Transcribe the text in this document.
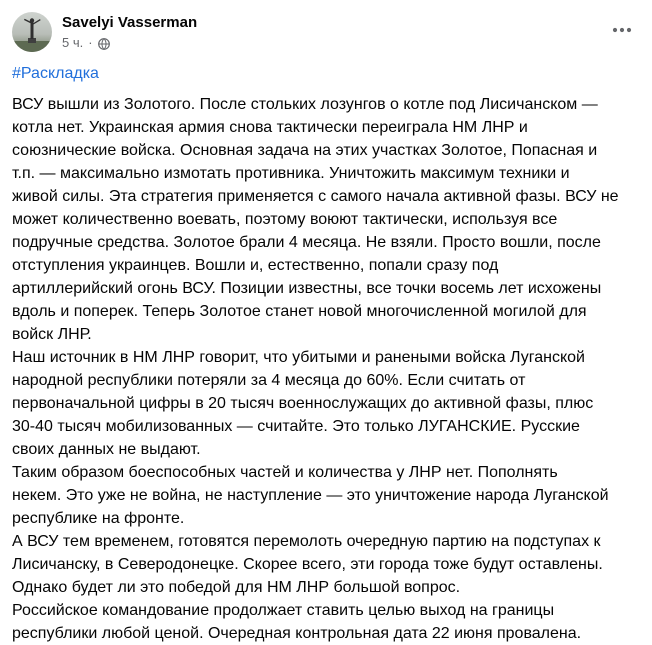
Savelyi Vasserman
5 ч. ·
#Раскладка

ВСУ вышли из Золотого. После стольких лозунгов о котле под Лисичанском —

котла нет. Украинская армия снова тактически переиграла НМ ЛНР и

союзнические войска. Основная задача на этих участках Золотое, Попасная и

т.п. — максимально измотать противника. Уничтожить максимум техники и

живой силы. Эта стратегия применяется с самого начала активной фазы. ВСУ не

может количественно воевать, поэтому воюют тактически, используя все

подручные средства. Золотое брали 4 месяца. Не взяли. Просто вошли, после

отступления украинцев. Вошли и, естественно, попали сразу под

артиллерийский огонь ВСУ. Позиции известны, все точки восемь лет исхожены

вдоль и поперек. Теперь Золотое станет новой многочисленной могилой для

войск ЛНР.

Наш источник в НМ ЛНР говорит, что убитыми и ранеными войска Луганской

народной республики потеряли за 4 месяца до 60%. Если считать от

первоначальной цифры в 20 тысяч военнослужащих до активной фазы, плюс

30-40 тысяч мобилизованных — считайте. Это только ЛУГАНСКИЕ. Русские

своих данных не выдают.

Таким образом боеспособных частей и количества у ЛНР нет. Пополнять

некем. Это уже не война, не наступление — это уничтожение народа Луганской

республике на фронте.

А ВСУ тем временем, готовятся перемолоть очередную партию на подступах к

Лисичанску, в Северодонецке. Скорее всего, эти города тоже будут оставлены.

Однако будет ли это победой для НМ ЛНР большой вопрос.

Российское командование продолжает ставить целью выход на границы

республики любой ценой. Очередная контрольная дата 22 июня провалена.
